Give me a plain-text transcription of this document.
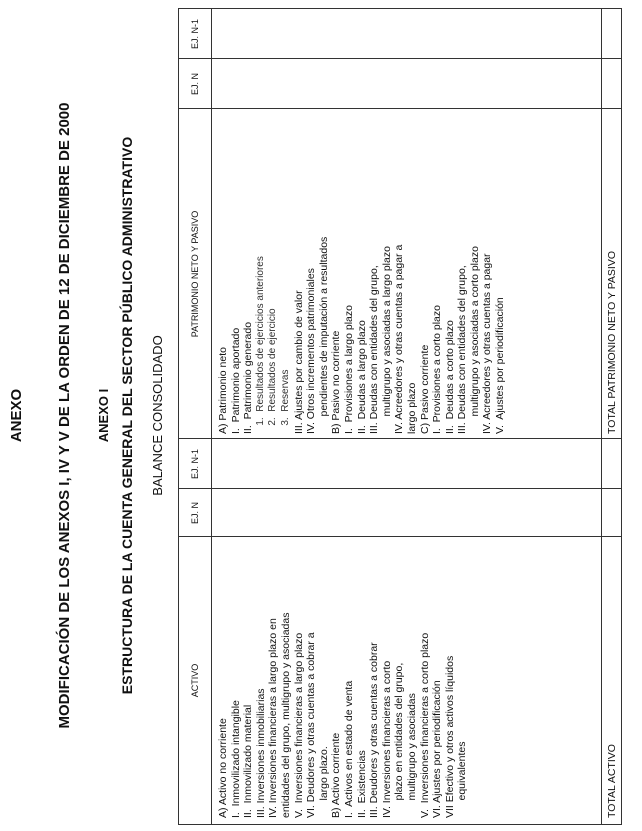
ANEXO MODIFICACIÓN DE LOS ANEXOS I, IV Y V DE LA ORDEN DE 12 DE DICIEMBRE DE 2000 ANEXO I ESTRUCTURA DE LA CUENTA GENERAL DEL SECTOR PÚBLICO ADMINISTRATIVO BALANCE CONSOLIDADO
ACTIVO
EJ. N
EJ. N-1
PATRIMONIO NETO Y PASIVO
EJ. N
EJ. N-1
A) Activo no corriente I.  Inmovilizado intangible II.  Inmovilizado material III. Inversiones inmobiliarias IV. Inversiones financieras a largo plazo en entidades del grupo, multigrupo y asociadas V.  Inversiones financieras a largo plazo VI. Deudores y otras cuentas a cobrar a largo plazo. B) Activo corriente I.  Activos en estado de venta II.  Existencias III. Deudores y otras cuentas a cobrar IV. Inversiones financieras a corto plazo en entidades del grupo, multigrupo y asociadas V.  Inversiones financieras a corto plazo VI. Ajustes por periodificación VII Efectivo y otros activos líquidos equivalentes
A) Patrimonio neto I.  Patrimonio aportado II.  Patrimonio generado 1.  Resultados de ejercicios anteriores 2.  Resultados de ejercicio 3.  Reservas III. Ajustes por cambio de valor IV. Otros incrementos patrimoniales pendientes de imputación a resultados B) Pasivo no corriente I.  Provisiones a largo plazo II.  Deudas a largo plazo III. Deudas con entidades del grupo, multigrupo y asociadas a largo plazo IV. Acreedores y otras cuentas a pagar a largo plazo C) Pasivo corriente I.  Provisiones a corto plazo II.  Deudas a corto plazo III. Deudas con entidades del grupo, multigrupo y asociadas a corto plazo IV. Acreedores y otras cuentas a pagar V.  Ajustes por periodificación
TOTAL ACTIVO
TOTAL PATRIMONIO NETO Y PASIVO
